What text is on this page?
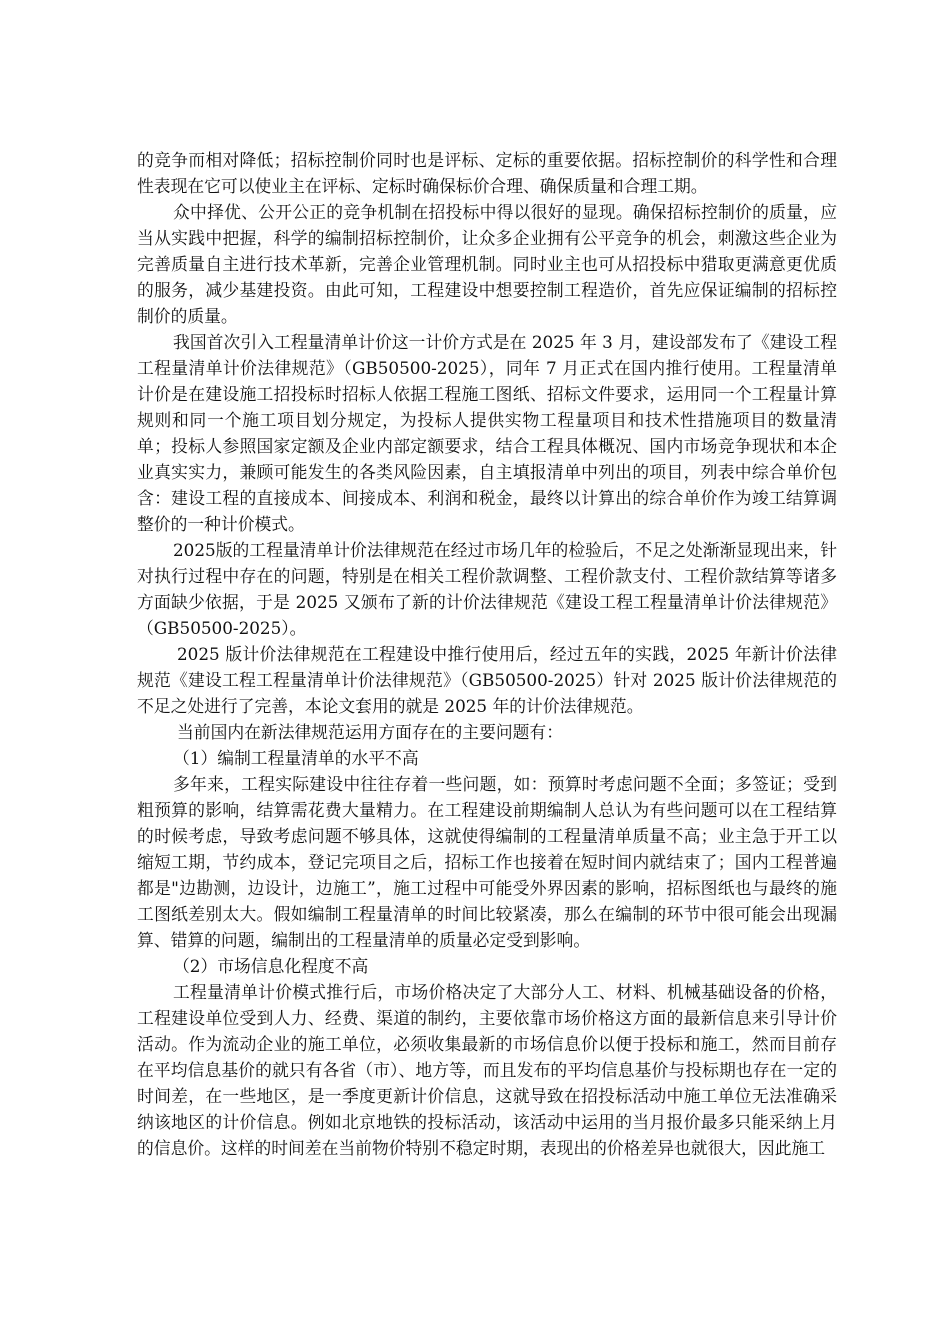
的竞争而相对降低；招标控制价同时也是评标、定标的重要依据。招标控制价的科学性和合理性表现在它可以使业主在评标、定标时确保标价合理、确保质量和合理工期。

众中择优、公开公正的竞争机制在招投标中得以很好的显现。确保招标控制价的质量，应当从实践中把握，科学的编制招标控制价，让众多企业拥有公平竞争的机会，刺激这些企业为完善质量自主进行技术革新，完善企业管理机制。同时业主也可从招投标中猎取更满意更优质的服务，减少基建投资。由此可知，工程建设中想要控制工程造价，首先应保证编制的招标控制价的质量。

我国首次引入工程量清单计价这一计价方式是在 2025 年 3 月，建设部发布了《建设工程工程量清单计价法律规范》（GB50500-2025），同年 7 月正式在国内推行使用。工程量清单计价是在建设施工招投标时招标人依据工程施工图纸、招标文件要求，运用同一个工程量计算规则和同一个施工项目划分规定，为投标人提供实物工程量项目和技术性措施项目的数量清单；投标人参照国家定额及企业内部定额要求，结合工程具体概况、国内市场竞争现状和本企业真实实力，兼顾可能发生的各类风险因素，自主填报清单中列出的项目，列表中综合单价包含：建设工程的直接成本、间接成本、利润和税金，最终以计算出的综合单价作为竣工结算调整价的一种计价模式。

2025版的工程量清单计价法律规范在经过市场几年的检验后，不足之处渐渐显现出来，针对执行过程中存在的问题，特别是在相关工程价款调整、工程价款支付、工程价款结算等诸多方面缺少依据，于是 2025 又颁布了新的计价法律规范《建设工程工程量清单计价法律规范》（GB50500-2025）。

2025 版计价法律规范在工程建设中推行使用后，经过五年的实践，2025 年新计价法律规范《建设工程工程量清单计价法律规范》（GB50500-2025）针对 2025 版计价法律规范的不足之处进行了完善，本论文套用的就是 2025 年的计价法律规范。

当前国内在新法律规范运用方面存在的主要问题有：

（1）编制工程量清单的水平不高

多年来，工程实际建设中往往存着一些问题，如：预算时考虑问题不全面；多签证；受到粗预算的影响，结算需花费大量精力。在工程建设前期编制人总认为有些问题可以在工程结算的时候考虑，导致考虑问题不够具体，这就使得编制的工程量清单质量不高；业主急于开工以缩短工期，节约成本，登记完项目之后，招标工作也接着在短时间内就结束了；国内工程普遍都是"边勘测，边设计，边施工”，施工过程中可能受外界因素的影响，招标图纸也与最终的施工图纸差别太大。假如编制工程量清单的时间比较紧凑，那么在编制的环节中很可能会出现漏算、错算的问题，编制出的工程量清单的质量必定受到影响。

（2）市场信息化程度不高

工程量清单计价模式推行后，市场价格决定了大部分人工、材料、机械基础设备的价格，工程建设单位受到人力、经费、渠道的制约，主要依靠市场价格这方面的最新信息来引导计价活动。作为流动企业的施工单位，必须收集最新的市场信息价以便于投标和施工，然而目前存在平均信息基价的就只有各省（市）、地方等，而且发布的平均信息基价与投标期也存在一定的时间差，在一些地区，是一季度更新计价信息，这就导致在招投标活动中施工单位无法准确采纳该地区的计价信息。例如北京地铁的投标活动，该活动中运用的当月报价最多只能采纳上月的信息价。这样的时间差在当前物价特别不稳定时期，表现出的价格差异也就很大，因此施工
